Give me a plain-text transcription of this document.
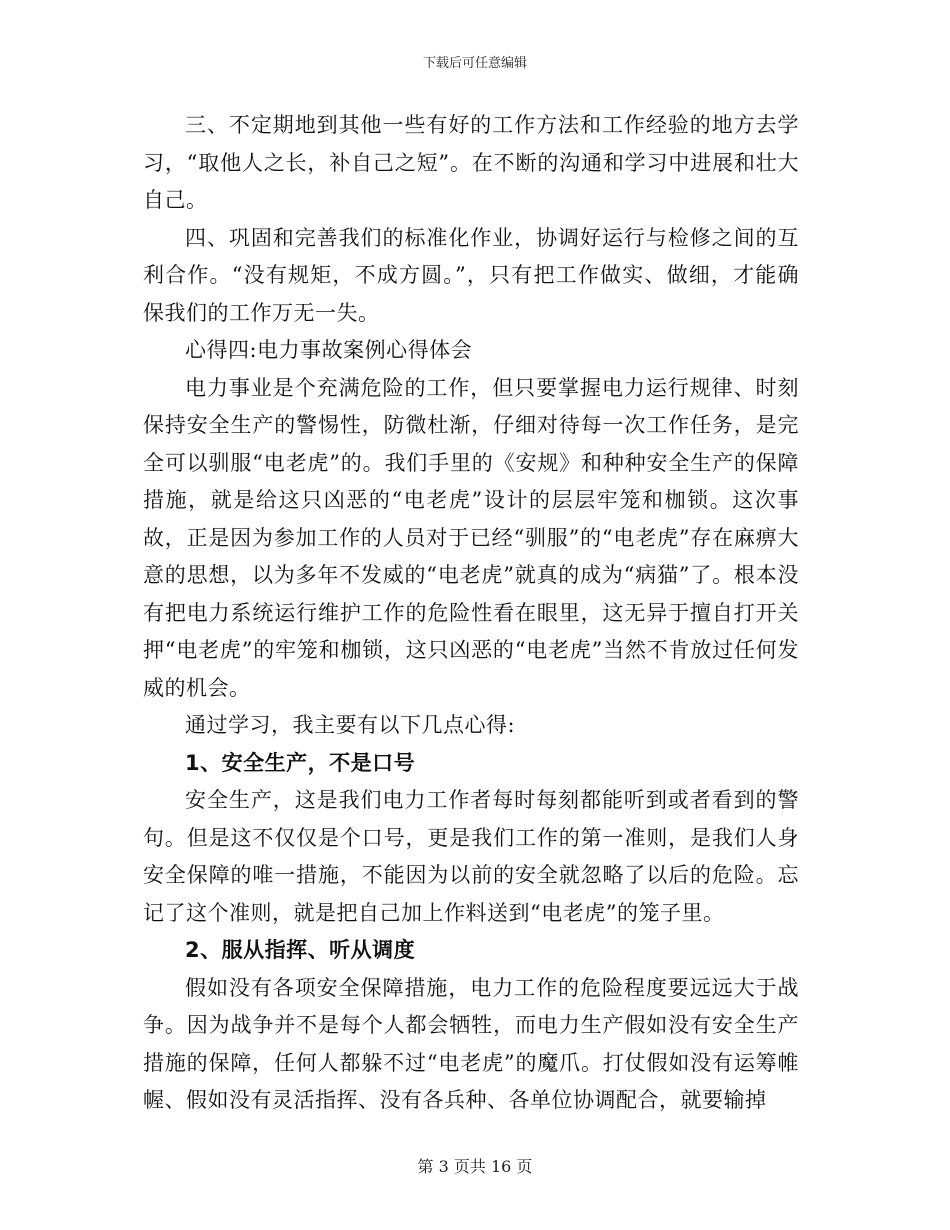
下载后可任意编辑

三、不定期地到其他一些有好的工作方法和工作经验的地方去学习，“取他人之长，补自己之短”。在不断的沟通和学习中进展和壮大自己。

四、巩固和完善我们的标准化作业，协调好运行与检修之间的互利合作。“没有规矩，不成方圆。”，只有把工作做实、做细，才能确保我们的工作万无一失。

心得四:电力事故案例心得体会

电力事业是个充满危险的工作，但只要掌握电力运行规律、时刻保持安全生产的警惕性，防微杜渐，仔细对待每一次工作任务，是完全可以驯服“电老虎”的。我们手里的《安规》和种种安全生产的保障措施，就是给这只凶恶的“电老虎”设计的层层牢笼和枷锁。这次事故，正是因为参加工作的人员对于已经“驯服”的“电老虎”存在麻痹大意的思想，以为多年不发威的“电老虎”就真的成为“病猫”了。根本没有把电力系统运行维护工作的危险性看在眼里，这无异于擅自打开关押“电老虎”的牢笼和枷锁，这只凶恶的“电老虎”当然不肯放过任何发威的机会。

通过学习，我主要有以下几点心得:

1、安全生产，不是口号

安全生产，这是我们电力工作者每时每刻都能听到或者看到的警句。但是这不仅仅是个口号，更是我们工作的第一准则，是我们人身安全保障的唯一措施，不能因为以前的安全就忽略了以后的危险。忘记了这个准则，就是把自己加上作料送到“电老虎”的笼子里。

2、服从指挥、听从调度

假如没有各项安全保障措施，电力工作的危险程度要远远大于战争。因为战争并不是每个人都会牺牲，而电力生产假如没有安全生产措施的保障，任何人都躲不过“电老虎”的魔爪。打仗假如没有运筹帷幄、假如没有灵活指挥、没有各兵种、各单位协调配合，就要输掉

第 3 页共 16 页
